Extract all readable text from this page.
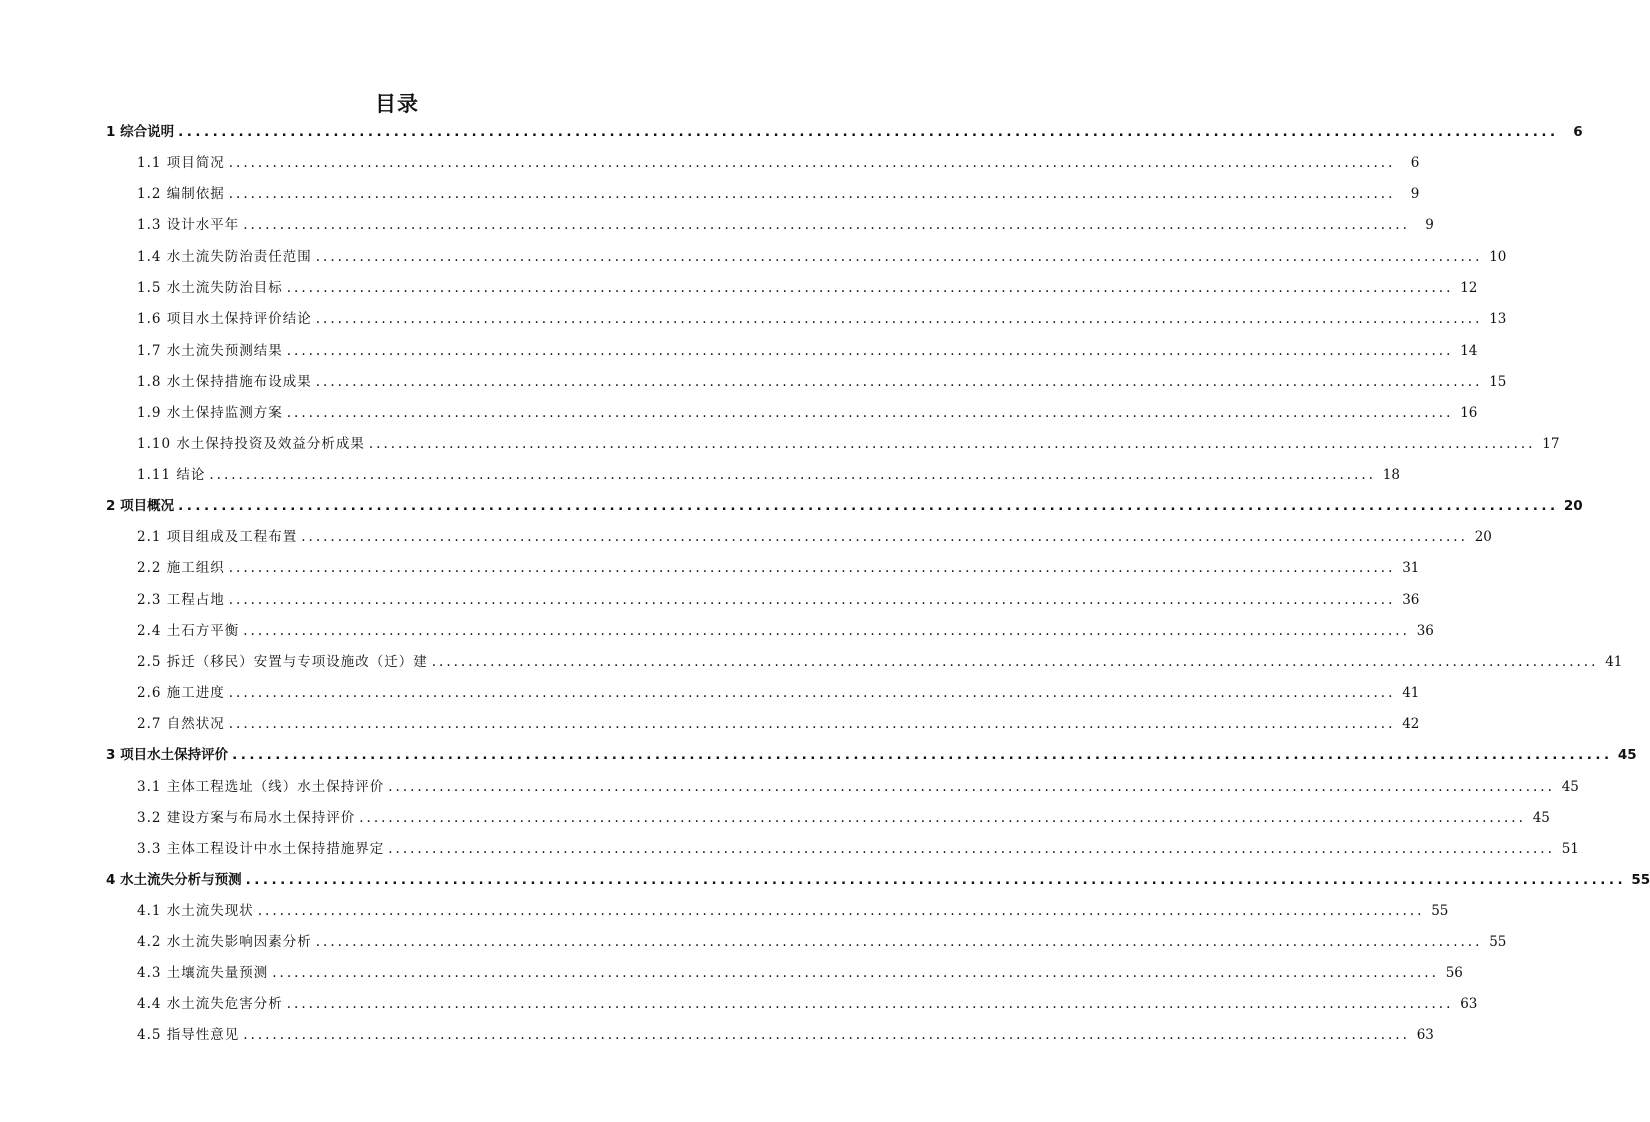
目录
1 综合说明 ................................................................................................................................................................	6
1.1 项目简况 ................................................................................................................................................................	6
1.2 编制依据 ................................................................................................................................................................	9
1.3 设计水平年 ................................................................................................................................................................	9
1.4 水土流失防治责任范围 ................................................................................................................................................................ 10
1.5 水土流失防治目标 ................................................................................................................................................................ 12
1.6 项目水土保持评价结论 ................................................................................................................................................................ 13
1.7 水土流失预测结果 ................................................................................................................................................................ 14
1.8 水土保持措施布设成果 ................................................................................................................................................................ 15
1.9 水土保持监测方案 ................................................................................................................................................................ 16
1.10 水土保持投资及效益分析成果 ................................................................................................................................................................ 17
1.11 结论 ................................................................................................................................................................ 18
2 项目概况 ................................................................................................................................................................ 20
2.1 项目组成及工程布置 ................................................................................................................................................................ 20
2.2 施工组织 ................................................................................................................................................................ 31
2.3 工程占地 ................................................................................................................................................................ 36
2.4 土石方平衡 ................................................................................................................................................................ 36
2.5 拆迁（移民）安置与专项设施改（迁）建 ................................................................................................................................................................ 41
2.6 施工进度 ................................................................................................................................................................ 41
2.7 自然状况 ................................................................................................................................................................ 42
3 项目水土保持评价 ................................................................................................................................................................ 45
3.1 主体工程选址（线）水土保持评价 ................................................................................................................................................................ 45
3.2 建设方案与布局水土保持评价 ................................................................................................................................................................ 45
3.3 主体工程设计中水土保持措施界定 ................................................................................................................................................................ 51
4 水土流失分析与预测 ................................................................................................................................................................ 55
4.1 水土流失现状 ................................................................................................................................................................ 55
4.2 水土流失影响因素分析 ................................................................................................................................................................ 55
4.3 土壤流失量预测 ................................................................................................................................................................ 56
4.4 水土流失危害分析 ................................................................................................................................................................ 63
4.5 指导性意见 ................................................................................................................................................................ 63
